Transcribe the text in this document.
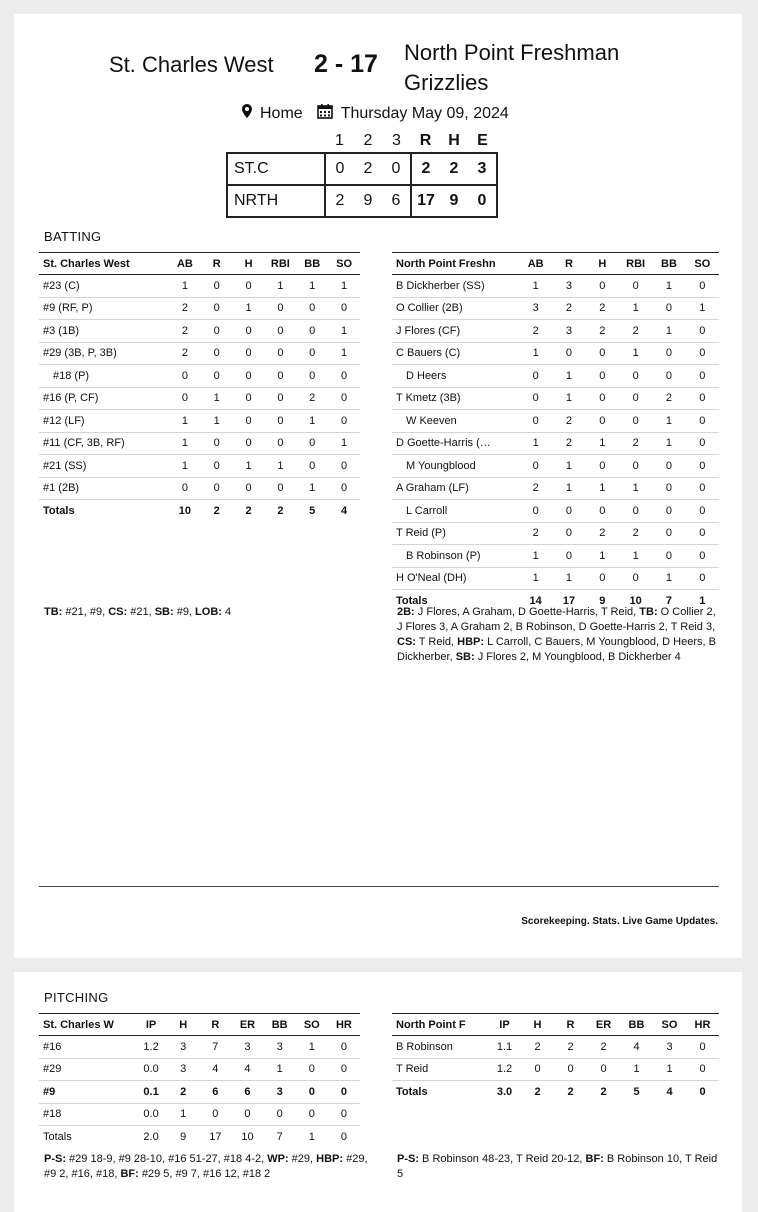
St. Charles West 2 - 17 North Point Freshman Grizzlies
Home Thursday May 09, 2024
	1	2	3	R	H	E
ST.C	0	2	0	2	2	3
NRTH	2	9	6	17	9	0
BATTING
St. Charles West	AB	R	H	RBI	BB	SO
#23 (C)	1	0	0	1	1	1
#9 (RF, P)	2	0	1	0	0	0
#3 (1B)	2	0	0	0	0	1
#29 (3B, P, 3B)	2	0	0	0	0	1
#18 (P)	0	0	0	0	0	0
#16 (P, CF)	0	1	0	0	2	0
#12 (LF)	1	1	0	0	1	0
#11 (CF, 3B, RF)	1	0	0	0	0	1
#21 (SS)	1	0	1	1	0	0
#1 (2B)	0	0	0	0	1	0
Totals	10	2	2	2	5	4
North Point Freshn	AB	R	H	RBI	BB	SO
B Dickherber (SS)	1	3	0	0	1	0
O Collier (2B)	3	2	2	1	0	1
J Flores (CF)	2	3	2	2	1	0
C Bauers (C)	1	0	0	1	0	0
D Heers	0	1	0	0	0	0
T Kmetz (3B)	0	1	0	0	2	0
W Keeven	0	2	0	0	1	0
D Goette-Harris (…	1	2	1	2	1	0
M Youngblood	0	1	0	0	0	0
A Graham (LF)	2	1	1	1	0	0
L Carroll	0	0	0	0	0	0
T Reid (P)	2	0	2	2	0	0
B Robinson (P)	1	0	1	1	0	0
H O'Neal (DH)	1	1	0	0	1	0
Totals	14	17	9	10	7	1
TB: #21, #9, CS: #21, SB: #9, LOB: 4	2B: J Flores, A Graham, D Goette-Harris, T Reid, TB: O Collier 2, J Flores 3, A Graham 2, B Robinson, D Goette-Harris 2, T Reid 3, CS: T Reid, HBP: L Carroll, C Bauers, M Youngblood, D Heers, B Dickherber, SB: J Flores 2, M Youngblood, B Dickherber 4
Scorekeeping. Stats. Live Game Updates.
PITCHING
St. Charles W	IP	H	R	ER	BB	SO	HR
#16	1.2	3	7	3	3	1	0
#29	0.0	3	4	4	1	0	0
#9	0.1	2	6	6	3	0	0
#18	0.0	1	0	0	0	0	0
Totals	2.0	9	17	10	7	1	0
North Point F	IP	H	R	ER	BB	SO	HR
B Robinson	1.1	2	2	2	4	3	0
T Reid	1.2	0	0	0	1	1	0
Totals	3.0	2	2	2	5	4	0
P-S: #29 18-9, #9 28-10, #16 51-27, #18 4-2, WP: #29, HBP: #29, #9 2, #16, #18, BF: #29 5, #9 7, #16 12, #18 2
P-S: B Robinson 48-23, T Reid 20-12, BF: B Robinson 10, T Reid 5
